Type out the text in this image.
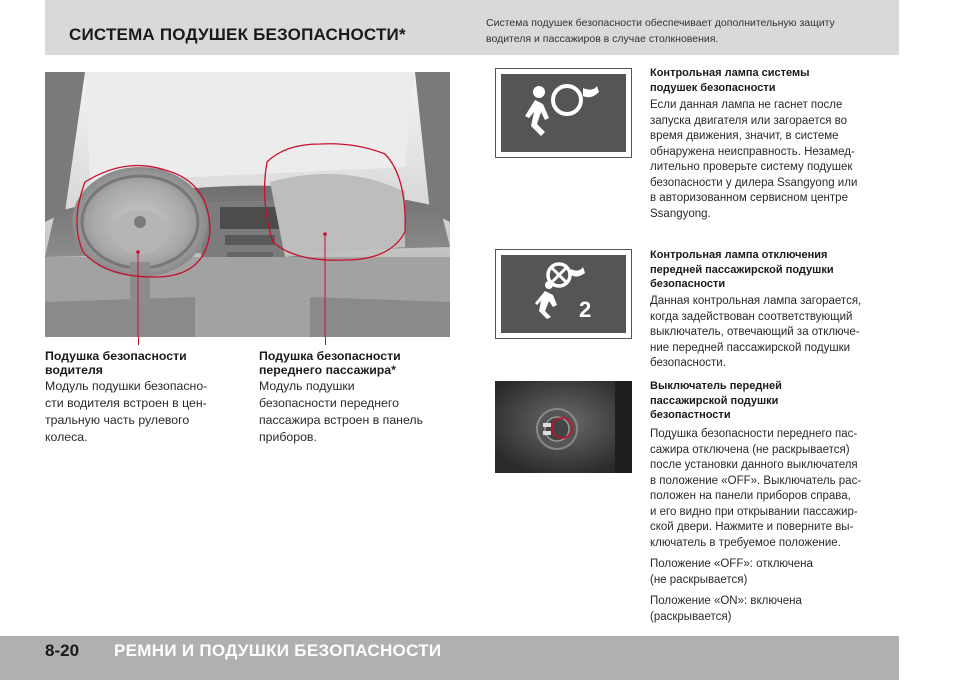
СИСТЕМА ПОДУШЕК БЕЗОПАСНОСТИ*
Система подушек безопасности обеспечивает дополнительную защиту
водителя и пассажиров в случае столкновения.
Подушка безопасности
водителя
Модуль подушки безопасно-
сти водителя встроен в цен-
тральную часть рулевого
колеса.
Подушка безопасности
переднего пассажира*
Модуль подушки
безопасности переднего
пассажира встроен в панель
приборов.
Контрольная лампа системы
подушек безопасности
Если данная лампа не гаснет после
запуска двигателя или загорается во
время движения, значит, в системе
обнаружена неисправность. Незамед-
лительно проверьте систему подушек
безопасности у дилера Ssangyong или
в авторизованном сервисном центре
Ssangyong.
2
Контрольная лампа отключения
передней пассажирской подушки
безопасности
Данная контрольная лампа загорается,
когда задействован соответствующий
выключатель, отвечающий за отключе-
ние передней пассажирской подушки
безопасности.
Выключатель передней
пассажирской подушки
безопастности

Подушка безопасности переднего пас-
сажира отключена (не раскрывается)
после установки данного выключателя
в положение «OFF». Выключатель рас-
положен на панели приборов справа,
и его видно при открывании пассажир-
ской двери. Нажмите и поверните вы-
ключатель в требуемое положение.

Положение «OFF»: отключена
(не раскрывается)

Положение «ON»: включена
(раскрывается)

8-20 РЕМНИ И ПОДУШКИ БЕЗОПАСНОСТИ
